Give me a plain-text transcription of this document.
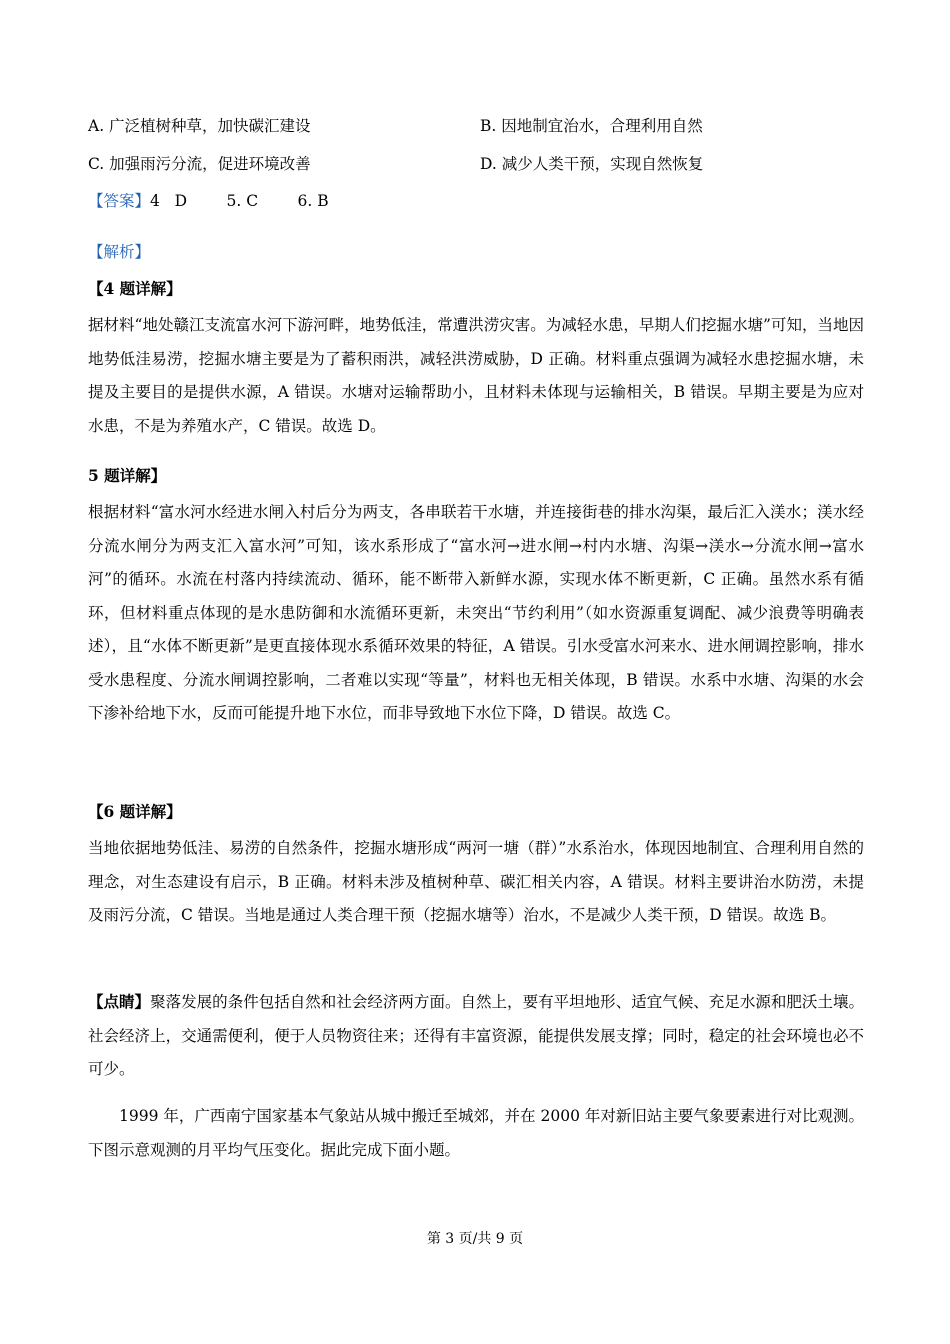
A. 广泛植树种草，加快碳汇建设	B. 因地制宜治水，合理利用自然
C. 加强雨污分流，促进环境改善	D. 减少人类干预，实现自然恢复
【答案】4   D        5. C        6. B
【解析】
【4 题详解】
据材料“地处赣江支流富水河下游河畔，地势低洼，常遭洪涝灾害。为减轻水患，早期人们挖掘水塘”可知，当地因地势低洼易涝，挖掘水塘主要是为了蓄积雨洪，减轻洪涝威胁，D 正确。材料重点强调为减轻水患挖掘水塘，未提及主要目的是提供水源，A 错误。水塘对运输帮助小，且材料未体现与运输相关，B 错误。早期主要是为应对水患，不是为养殖水产，C 错误。故选 D。
5 题详解】
根据材料“富水河水经进水闸入村后分为两支，各串联若干水塘，并连接街巷的排水沟渠，最后汇入渼水；渼水经分流水闸分为两支汇入富水河”可知，该水系形成了“富水河→进水闸→村内水塘、沟渠→渼水→分流水闸→富水河”的循环。水流在村落内持续流动、循环，能不断带入新鲜水源，实现水体不断更新，C 正确。虽然水系有循环，但材料重点体现的是水患防御和水流循环更新，未突出“节约利用”（如水资源重复调配、减少浪费等明确表述），且“水体不断更新”是更直接体现水系循环效果的特征，A 错误。引水受富水河来水、进水闸调控影响，排水受水患程度、分流水闸调控影响，二者难以实现“等量”，材料也无相关体现，B 错误。水系中水塘、沟渠的水会下渗补给地下水，反而可能提升地下水位，而非导致地下水位下降，D 错误。故选 C。
【6 题详解】
当地依据地势低洼、易涝的自然条件，挖掘水塘形成“两河一塘（群）”水系治水，体现因地制宜、合理利用自然的理念，对生态建设有启示，B 正确。材料未涉及植树种草、碳汇相关内容，A 错误。材料主要讲治水防涝，未提及雨污分流，C 错误。当地是通过人类合理干预（挖掘水塘等）治水，不是减少人类干预，D 错误。故选 B。
【点睛】聚落发展的条件包括自然和社会经济两方面。自然上，要有平坦地形、适宜气候、充足水源和肥沃土壤。社会经济上，交通需便利，便于人员物资往来；还得有丰富资源，能提供发展支撑；同时，稳定的社会环境也必不可少。
1999 年，广西南宁国家基本气象站从城中搬迁至城郊，并在 2000 年对新旧站主要气象要素进行对比观测。下图示意观测的月平均气压变化。据此完成下面小题。
第 3 页/共 9 页
